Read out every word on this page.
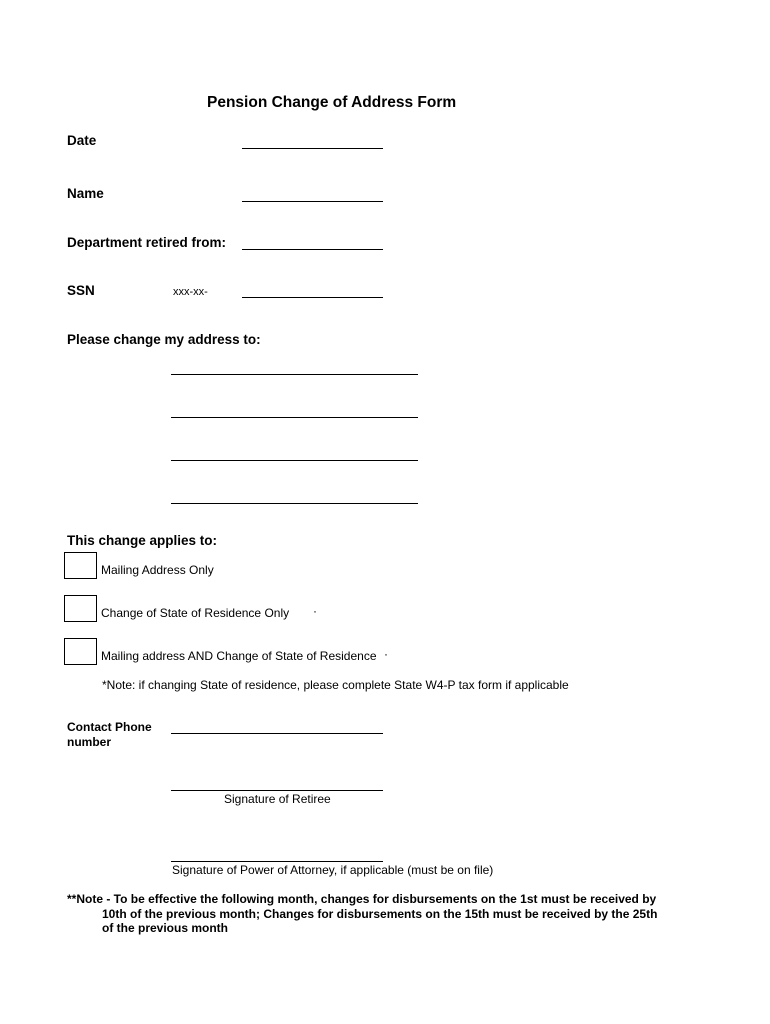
Pension Change of Address Form
Date
Name
Department retired from:
SSN	xxx-xx-
Please change my address to:
This change applies to:
Mailing Address Only
Change of State of Residence Only ·
Mailing address AND Change of State of Residence ·
*Note: if changing State of residence, please complete State W4-P tax form if applicable
Contact Phone
number
Signature of Retiree
Signature of Power of Attorney, if applicable (must be on file)
**Note - To be effective the following month, changes for disbursements on the 1st must be received by
10th of the previous month; Changes for disbursements on the 15th must be received by the 25th
of the previous month
